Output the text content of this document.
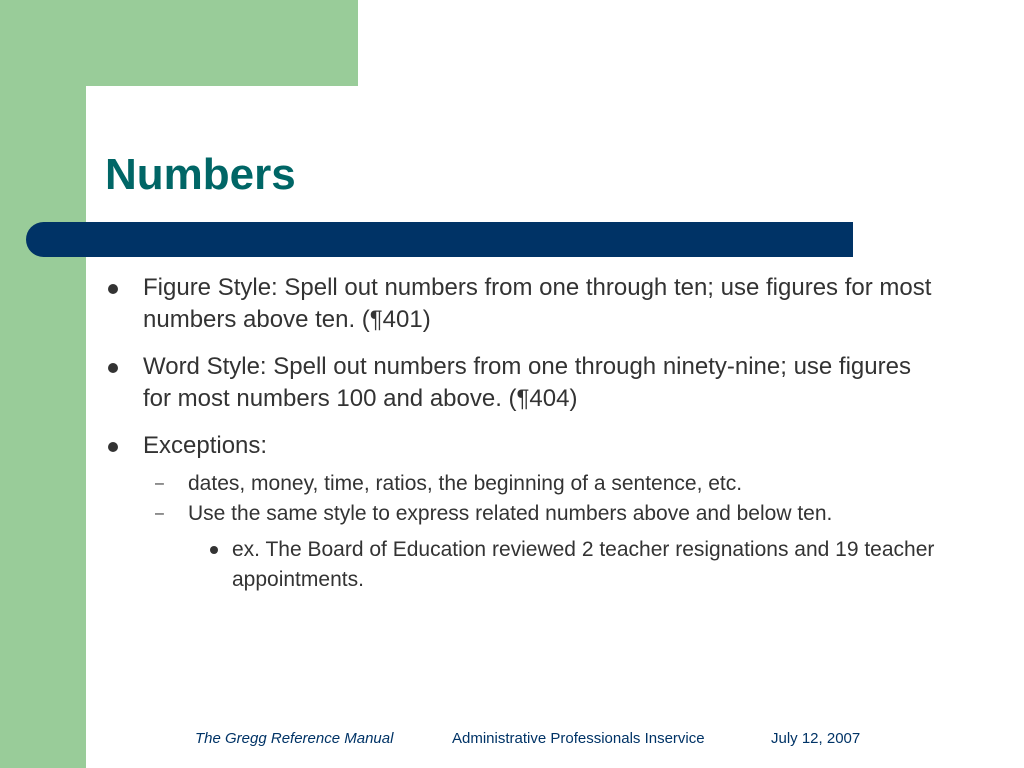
Numbers
Figure Style: Spell out numbers from one through ten; use figures for most numbers above ten. (¶401)
Word Style: Spell out numbers from one through ninety-nine; use figures for most numbers 100 and above. (¶404)
Exceptions:
– dates, money, time, ratios, the beginning of a sentence, etc.
– Use the same style to express related numbers above and below ten.
ex. The Board of Education reviewed 2 teacher resignations and 19 teacher appointments.
The Gregg Reference Manual	Administrative Professionals Inservice	July 12, 2007
